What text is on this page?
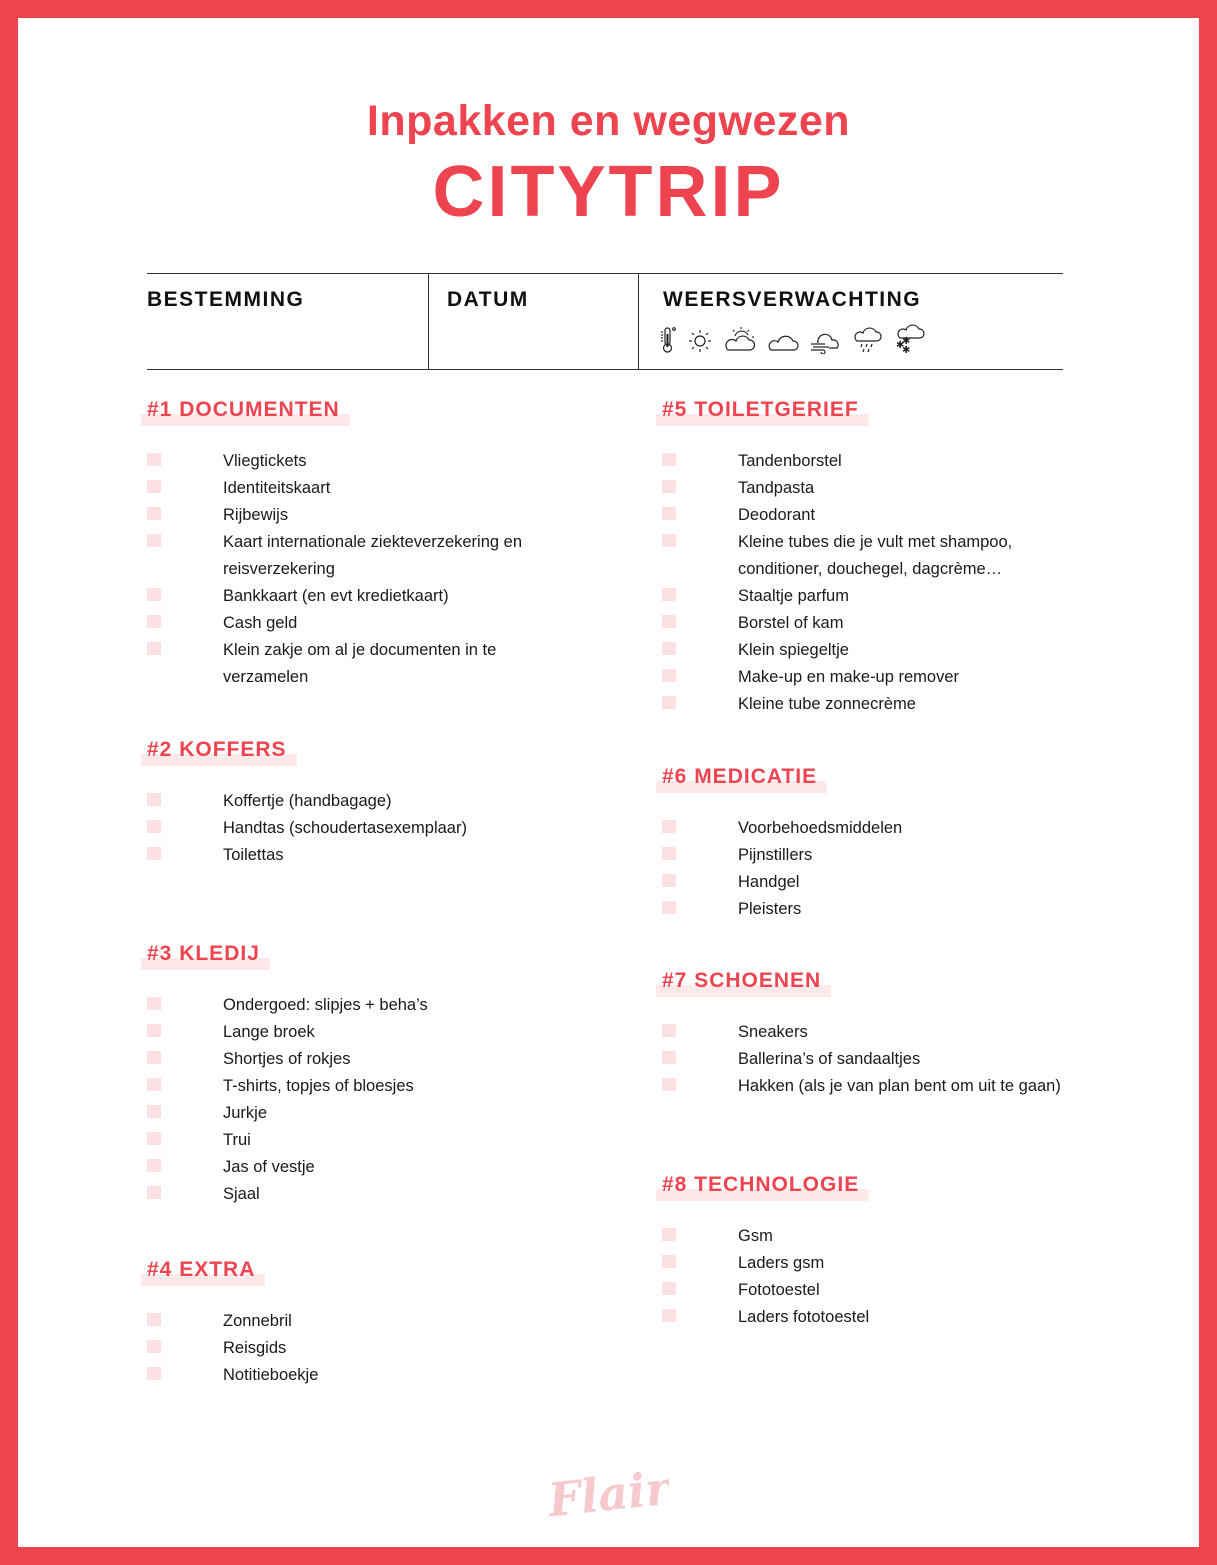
Inpakken en wegwezen
CITYTRIP
BESTEMMING	DATUM	WEERSVERWACHTING
✱
✱
✱
#1 DOCUMENTEN
Vliegtickets
Identiteitskaart
Rijbewijs
Kaart internationale ziekteverzekering en reisverzekering
Bankkaart (en evt kredietkaart)
Cash geld
Klein zakje om al je documenten in te verzamelen
#2 KOFFERS
Koffertje (handbagage)
Handtas (schoudertasexemplaar)
Toilettas
#3 KLEDIJ
Ondergoed: slipjes + beha’s
Lange broek
Shortjes of rokjes
T-shirts, topjes of bloesjes
Jurkje
Trui
Jas of vestje
Sjaal
#4 EXTRA
Zonnebril
Reisgids
Notitieboekje
#5 TOILETGERIEF
Tandenborstel
Tandpasta
Deodorant
Kleine tubes die je vult met shampoo, conditioner, douchegel, dagcrème…
Staaltje parfum
Borstel of kam
Klein spiegeltje
Make-up en make-up remover
Kleine tube zonnecrème
#6 MEDICATIE
Voorbehoedsmiddelen
Pijnstillers
Handgel
Pleisters
#7 SCHOENEN
Sneakers
Ballerina’s of sandaaltjes
Hakken (als je van plan bent om uit te gaan)
#8 TECHNOLOGIE
Gsm
Laders gsm
Fototoestel
Laders fototoestel
Flair
